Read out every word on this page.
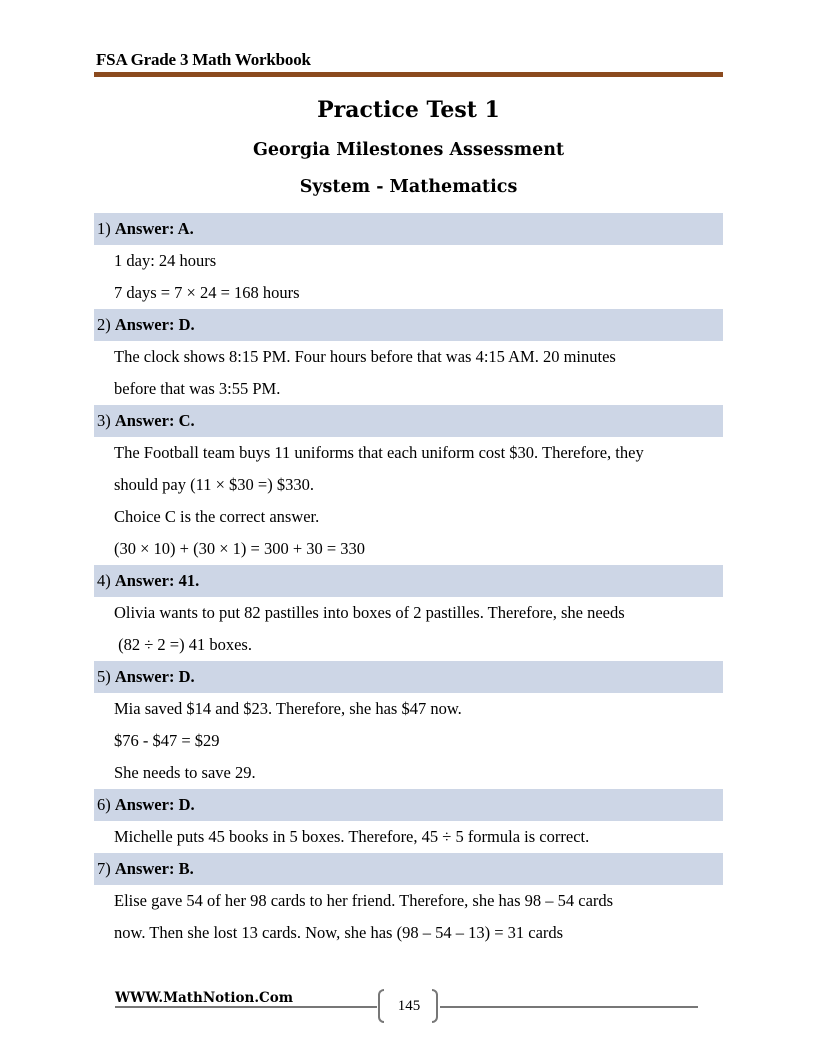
FSA Grade 3 Math Workbook
Practice Test 1
Georgia Milestones Assessment
System - Mathematics
1) Answer: A.
1 day: 24 hours
7 days = 7 × 24 = 168 hours
2) Answer: D.
The clock shows 8:15 PM. Four hours before that was 4:15 AM. 20 minutes
before that was 3:55 PM.
3) Answer: C.
The Football team buys 11 uniforms that each uniform cost $30. Therefore, they
should pay (11 × $30 =) $330.
Choice C is the correct answer.
(30 × 10) + (30 × 1) = 300 + 30 = 330
4) Answer: 41.
Olivia wants to put 82 pastilles into boxes of 2 pastilles. Therefore, she needs
(82 ÷ 2 =) 41 boxes.
5) Answer: D.
Mia saved $14 and $23. Therefore, she has $47 now.
$76 - $47 = $29
She needs to save 29.
6) Answer: D.
Michelle puts 45 books in 5 boxes. Therefore, 45 ÷ 5 formula is correct.
7) Answer: B.
Elise gave 54 of her 98 cards to her friend. Therefore, she has 98 – 54 cards
now. Then she lost 13 cards. Now, she has (98 – 54 – 13) = 31 cards
WWW.MathNotion.Com	145
